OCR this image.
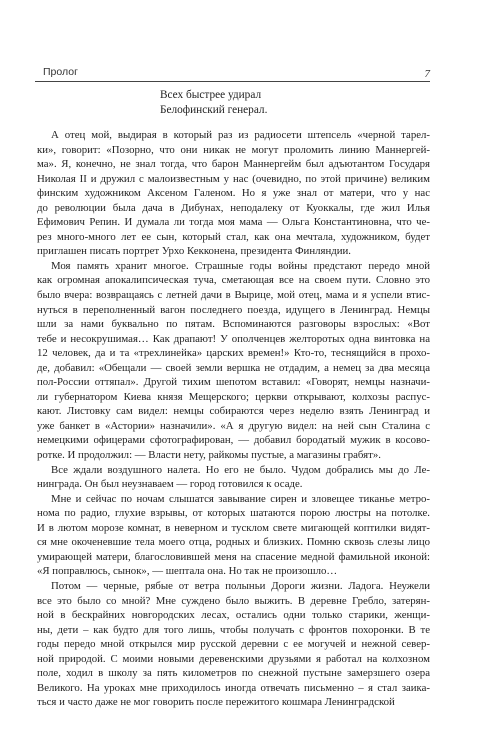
Пролог	7
Всех быстрее удирал
Белофинский генерал.
А отец мой, выдирая в который раз из радиосети штепсель «черной тарел-
ки», говорит: «Позорно, что они никак не могут проломить линию Маннергей-
ма». Я, конечно, не знал тогда, что барон Маннергейм был адъютантом Государя
Николая II и дружил с малоизвестным у нас (очевидно, по этой причине) великим
финским художником Аксеном Галеном. Но я уже знал от матери, что у нас
до революции была дача в Дибунах, неподалеку от Куоккалы, где жил Илья
Ефимович Репин. И думала ли тогда моя мама — Ольга Константиновна, что че-
рез много-много лет ее сын, который стал, как она мечтала, художником, будет
приглашен писать портрет Урхо Кекконена, президента Финляндии.
Моя память хранит многое. Страшные годы войны предстают передо мной
как огромная апокалипсическая туча, сметающая все на своем пути. Словно это
было вчера: возвращаясь с летней дачи в Вырице, мой отец, мама и я успели втис-
нуться в переполненный вагон последнего поезда, идущего в Ленинград. Немцы
шли за нами буквально по пятам. Вспоминаются разговоры взрослых: «Вот
тебе и несокрушимая… Как драпают! У ополченцев желторотых одна винтовка на
12 человек, да и та «трехлинейка» царских времен!» Кто-то, теснящийся в прохо-
де, добавил: «Обещали — своей земли вершка не отдадим, а немец за два месяца
пол-России оттяпал». Другой тихим шепотом вставил: «Говорят, немцы назначи-
ли губернатором Киева князя Мещерского; церкви открывают, колхозы распус-
кают. Листовку сам видел: немцы собираются через неделю взять Ленинград и
уже банкет в «Астории» назначили». «А я другую видел: на ней сын Сталина с
немецкими офицерами сфотографирован, — добавил бородатый мужик в косово-
ротке. И продолжил: — Власти нету, райкомы пустые, а магазины грабят».
Все ждали воздушного налета. Но его не было. Чудом добрались мы до Ле-
нинграда. Он был неузнаваем — город готовился к осаде.
Мне и сейчас по ночам слышатся завывание сирен и зловещее тиканье метро-
нома по радио, глухие взрывы, от которых шатаются порою люстры на потолке.
И в лютом морозе комнат, в неверном и тусклом свете мигающей коптилки видят-
ся мне окоченевшие тела моего отца, родных и близких. Помню сквозь слезы лицо
умирающей матери, благословившей меня на спасение медной фамильной иконой:
«Я поправлюсь, сынок», — шептала она. Но так не произошло…
Потом — черные, рябые от ветра полыньи Дороги жизни. Ладога. Неужели
все это было со мной? Мне суждено было выжить. В деревне Гребло, затерян-
ной в бескрайних новгородских лесах, остались одни только старики, женщи-
ны, дети – как будто для того лишь, чтобы получать с фронтов похоронки. В те
годы передо мной открылся мир русской деревни с ее могучей и нежной север-
ной природой. С моими новыми деревенскими друзьями я работал на колхозном
поле, ходил в школу за пять километров по снежной пустыне замерзшего озера
Великого. На уроках мне приходилось иногда отвечать письменно – я стал заика-
ться и часто даже не мог говорить после пережитого кошмара Ленинградской
